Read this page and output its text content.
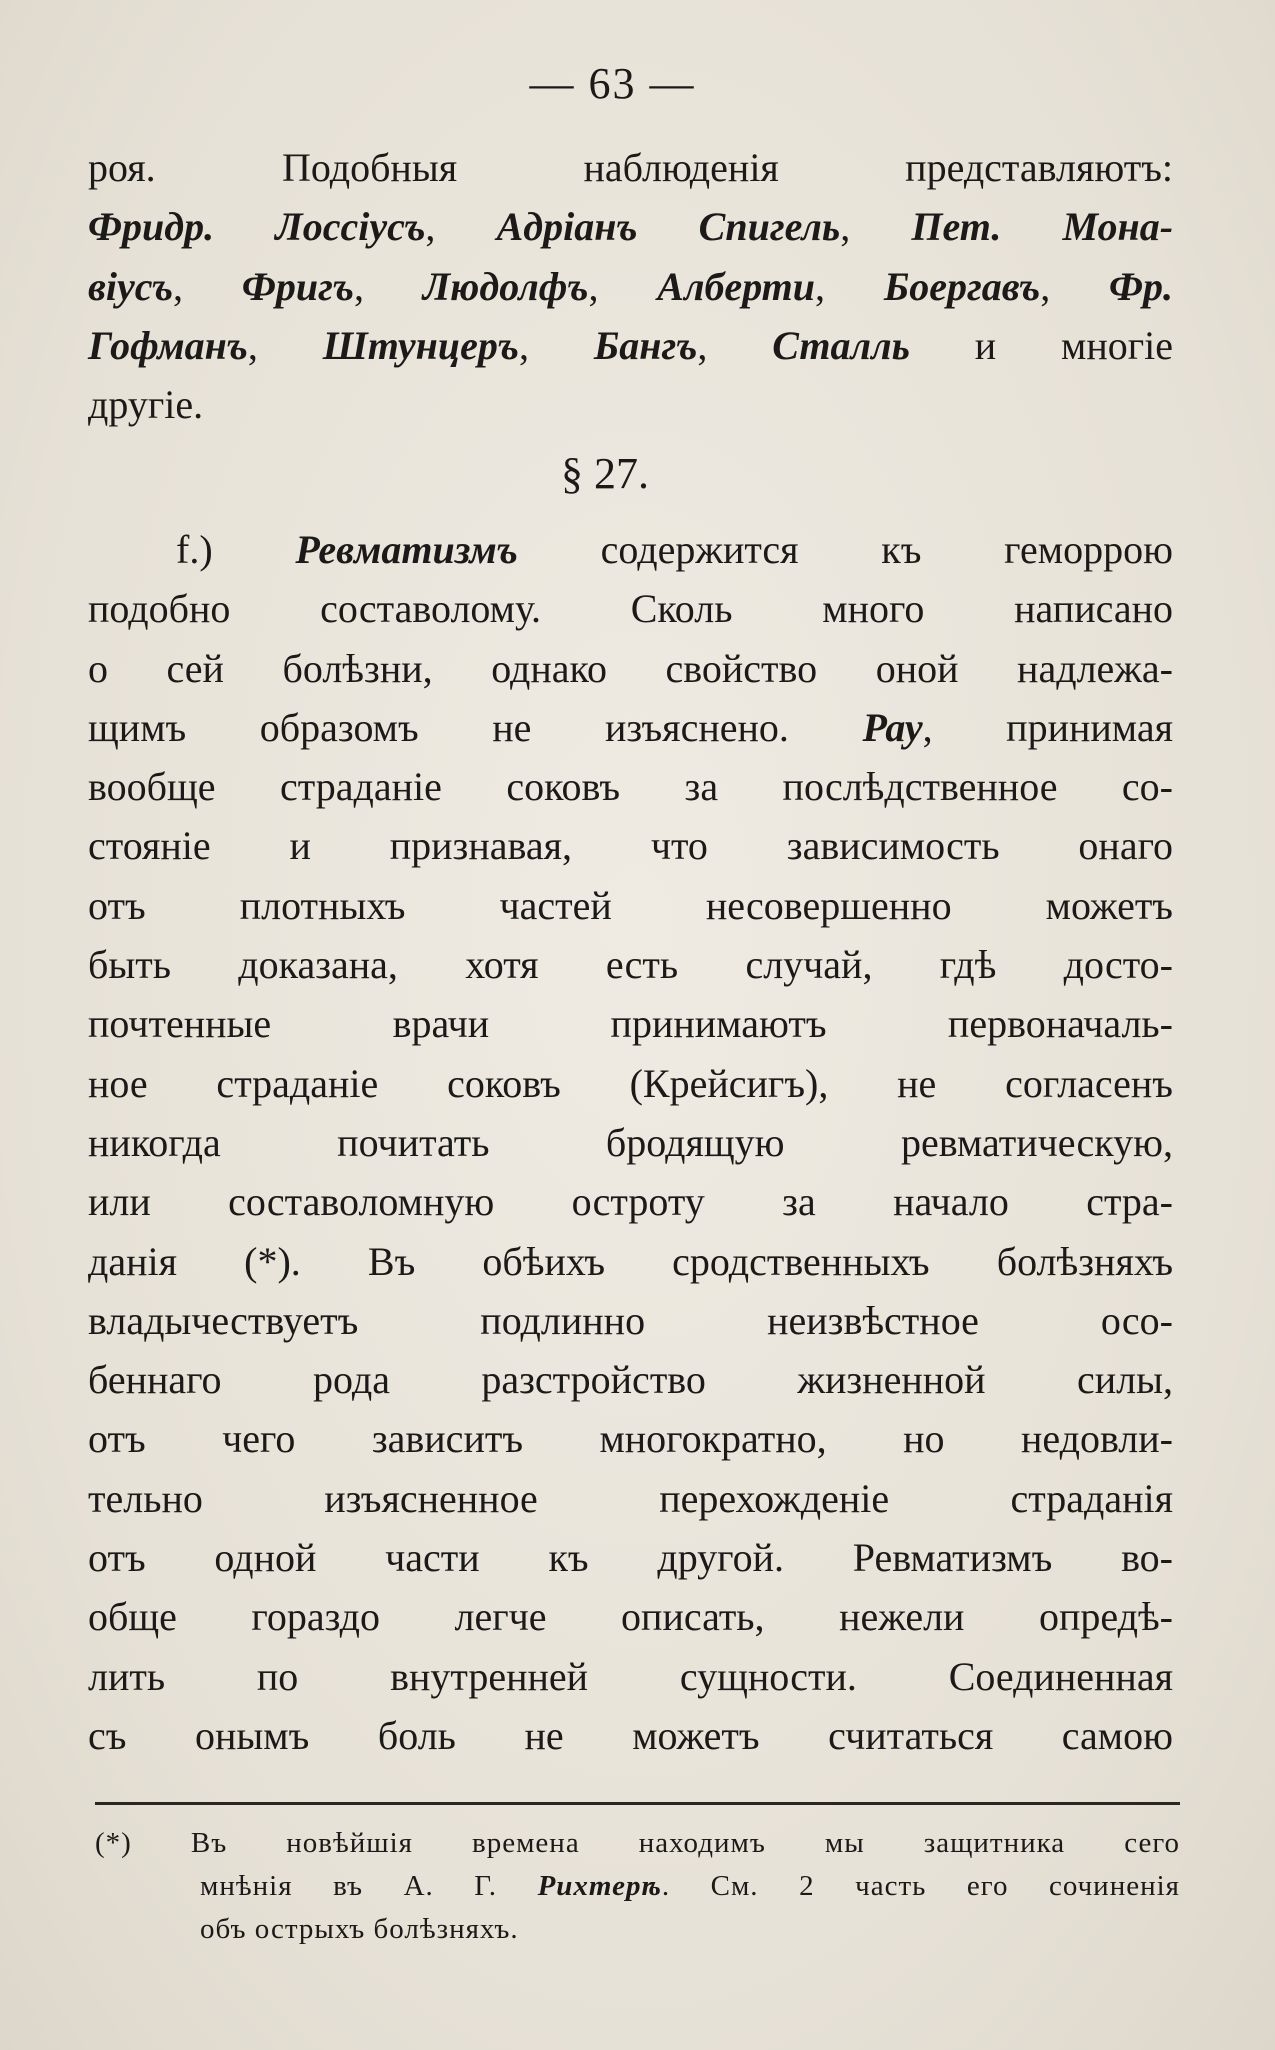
— 63 —
роя. Подобныя наблюденія представляютъ:
Фридр. Лоссіусъ, Адріанъ Спигель, Пет. Мона-
віусъ, Фригъ, Людолфъ, Алберти, Боергавъ, Фр.
Гофманъ, Штунцеръ, Бангъ, Сталль и многіе
другіе.
§ 27.
f.) Ревматизмъ содержится къ геморрою
подобно составолому. Сколь много написано
о сей болѣзни, однако свойство оной надлежа-
щимъ образомъ не изъяснено. Рау, принимая
вообще страданіе соковъ за послѣдственное со-
стояніе и признавая, что зависимость онаго
отъ плотныхъ частей несовершенно можетъ
быть доказана, хотя есть случай, гдѣ досто-
почтенные врачи принимаютъ первоначаль-
ное страданіе соковъ (Крейсигъ), не согласенъ
никогда почитать бродящую ревматическую,
или составоломную остроту за начало стра-
данія (*). Въ обѣихъ сродственныхъ болѣзняхъ
владычествуетъ подлинно неизвѣстное осо-
беннаго рода разстройство жизненной силы,
отъ чего зависитъ многократно, но недовли-
тельно изъясненное перехожденіе страданія
отъ одной части къ другой. Ревматизмъ во-
обще гораздо легче описать, нежели опредѣ-
лить по внутренней сущности. Соединенная
съ онымъ боль не можетъ считаться самою
(*) Въ новѣйшія времена находимъ мы защитника сего
мнѣнія въ А. Г. Рихтерѣ. См. 2 часть его сочиненія
объ острыхъ болѣзняхъ.
